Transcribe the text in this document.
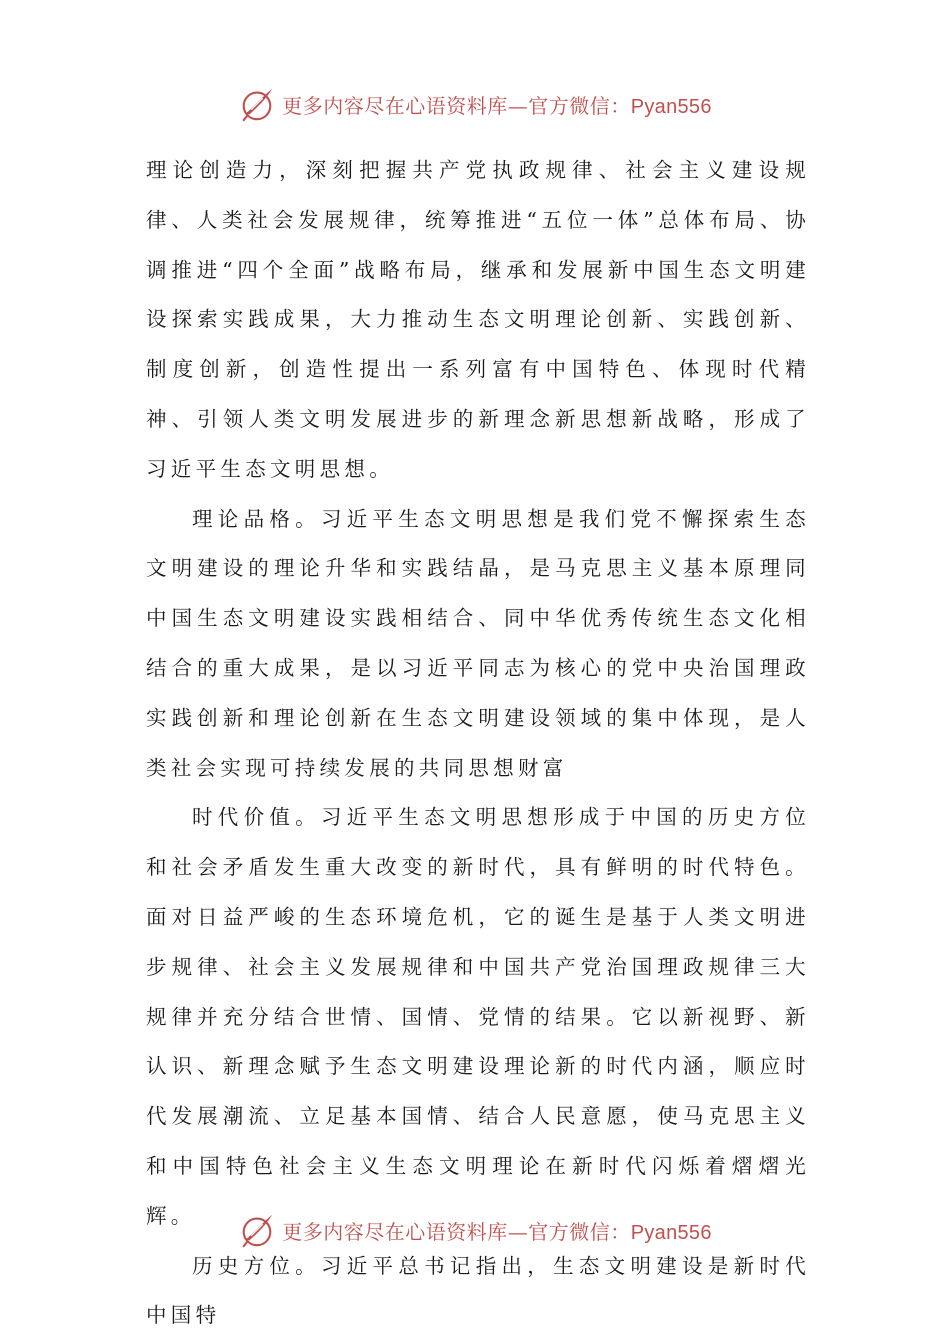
更多内容尽在心语资料库—官方微信：Pyan556

理论创造力，深刻把握共产党执政规律、社会主义建设规律、人类社会发展规律，统筹推进“五位一体”总体布局、协调推进“四个全面”战略布局，继承和发展新中国生态文明建设探索实践成果，大力推动生态文明理论创新、实践创新、制度创新，创造性提出一系列富有中国特色、体现时代精神、引领人类文明发展进步的新理念新思想新战略，形成了习近平生态文明思想。

理论品格。习近平生态文明思想是我们党不懈探索生态文明建设的理论升华和实践结晶，是马克思主义基本原理同中国生态文明建设实践相结合、同中华优秀传统生态文化相结合的重大成果，是以习近平同志为核心的党中央治国理政实践创新和理论创新在生态文明建设领域的集中体现，是人类社会实现可持续发展的共同思想财富

时代价值。习近平生态文明思想形成于中国的历史方位和社会矛盾发生重大改变的新时代，具有鲜明的时代特色。面对日益严峻的生态环境危机，它的诞生是基于人类文明进步规律、社会主义发展规律和中国共产党治国理政规律三大规律并充分结合世情、国情、党情的结果。它以新视野、新认识、新理念赋予生态文明建设理论新的时代内涵，顺应时代发展潮流、立足基本国情、结合人民意愿，使马克思主义和中国特色社会主义生态文明理论在新时代闪烁着熠熠光辉。

历史方位。习近平总书记指出，生态文明建设是新时代中国特

更多内容尽在心语资料库—官方微信：Pyan556
